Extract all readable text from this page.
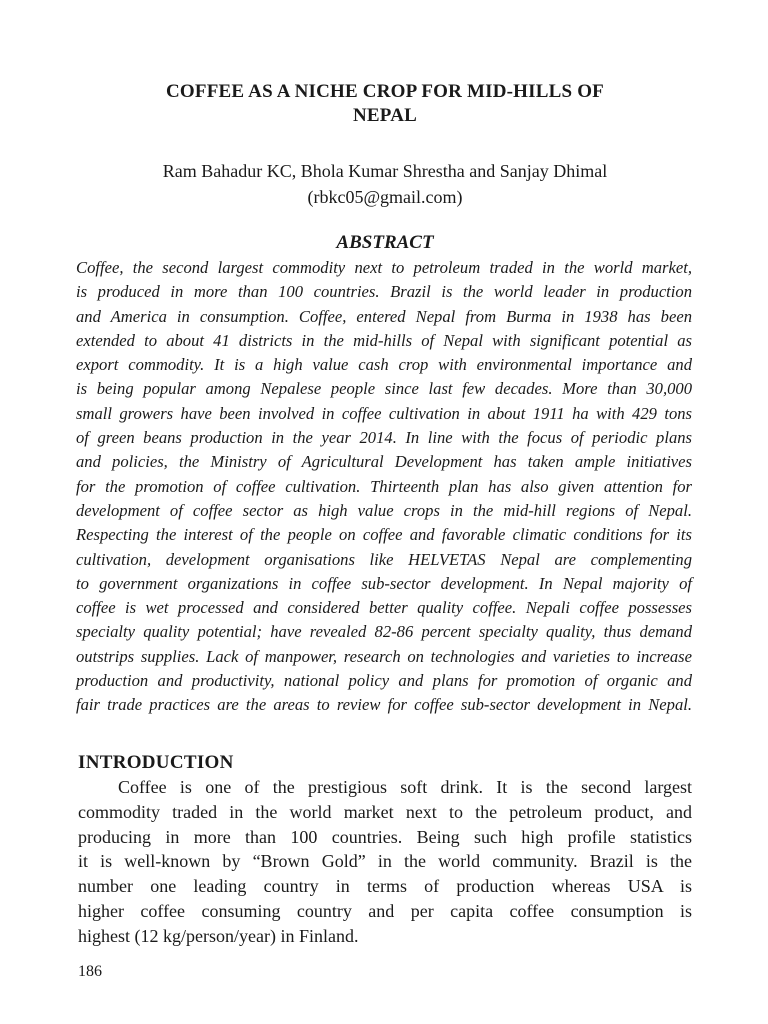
COFFEE AS A NICHE CROP FOR MID-HILLS OF
NEPAL
Ram Bahadur KC, Bhola Kumar Shrestha and Sanjay Dhimal
(rbkc05@gmail.com)
ABSTRACT
Coffee, the second largest commodity next to petroleum traded in the world market,
is produced in more than 100 countries. Brazil is the world leader in production
and America in consumption. Coffee, entered Nepal from Burma in 1938 has been
extended to about 41 districts in the mid-hills of Nepal with significant potential as
export commodity. It is a high value cash crop with environmental importance and
is being popular among Nepalese people since last few decades. More than 30,000
small growers have been involved in coffee cultivation in about 1911 ha with 429 tons
of green beans production in the year 2014. In line with the focus of periodic plans
and policies, the Ministry of Agricultural Development has taken ample initiatives
for the promotion of coffee cultivation. Thirteenth plan has also given attention for
development of coffee sector as high value crops in the mid-hill regions of Nepal.
Respecting the interest of the people on coffee and favorable climatic conditions for its
cultivation, development organisations like HELVETAS Nepal are complementing
to government organizations in coffee sub-sector development. In Nepal majority of
coffee is wet processed and considered better quality coffee. Nepali coffee possesses
specialty quality potential; have revealed 82-86 percent specialty quality, thus demand
outstrips supplies. Lack of manpower, research on technologies and varieties to increase
production and productivity, national policy and plans for promotion of organic and
fair trade practices are the areas to review for coffee sub-sector development in Nepal.
INTRODUCTION
Coffee is one of the prestigious soft drink. It is the second largest
commodity traded in the world market next to the petroleum product, and
producing in more than 100 countries. Being such high profile statistics
it is well-known by “Brown Gold” in the world community. Brazil is the
number one leading country in terms of production whereas USA is
higher coffee consuming country and per capita coffee consumption is
highest (12 kg/person/year) in Finland.
186
